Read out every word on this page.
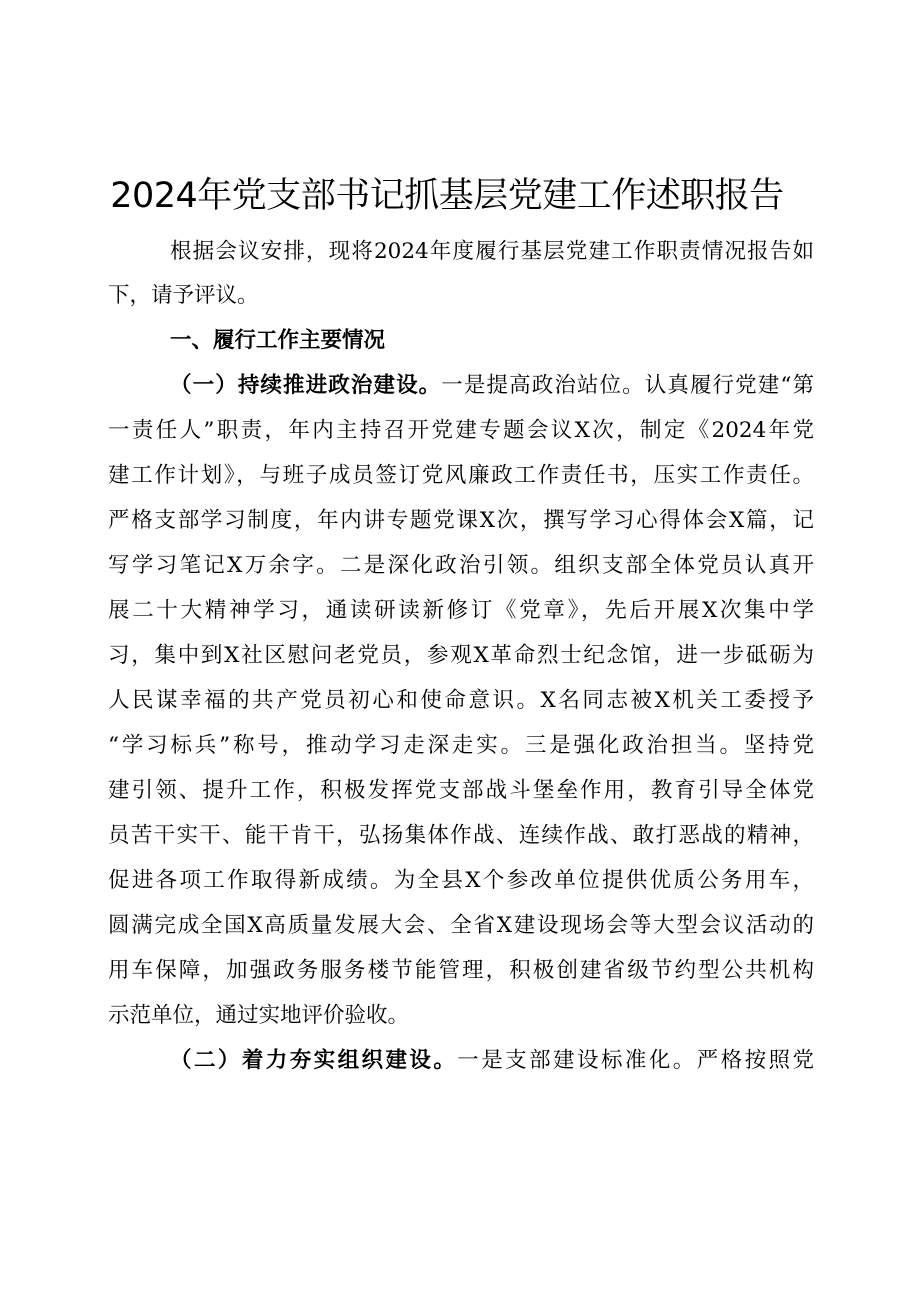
2024年党支部书记抓基层党建工作述职报告
根据会议安排，现将2024年度履行基层党建工作职责情况报告如
下，请予评议。
一、履行工作主要情况
（一）持续推进政治建设。一是提高政治站位。认真履行党建“第
一责任人”职责，年内主持召开党建专题会议X次，制定《2024年党
建工作计划》，与班子成员签订党风廉政工作责任书，压实工作责任。
严格支部学习制度，年内讲专题党课X次，撰写学习心得体会X篇，记
写学习笔记X万余字。二是深化政治引领。组织支部全体党员认真开
展二十大精神学习，通读研读新修订《党章》，先后开展X次集中学
习，集中到X社区慰问老党员，参观X革命烈士纪念馆，进一步砥砺为
人民谋幸福的共产党员初心和使命意识。X名同志被X机关工委授予
“学习标兵”称号，推动学习走深走实。三是强化政治担当。坚持党
建引领、提升工作，积极发挥党支部战斗堡垒作用，教育引导全体党
员苦干实干、能干肯干，弘扬集体作战、连续作战、敢打恶战的精神，
促进各项工作取得新成绩。为全县X个参改单位提供优质公务用车，
圆满完成全国X高质量发展大会、全省X建设现场会等大型会议活动的
用车保障，加强政务服务楼节能管理，积极创建省级节约型公共机构
示范单位，通过实地评价验收。
（二）着力夯实组织建设。一是支部建设标准化。严格按照党
